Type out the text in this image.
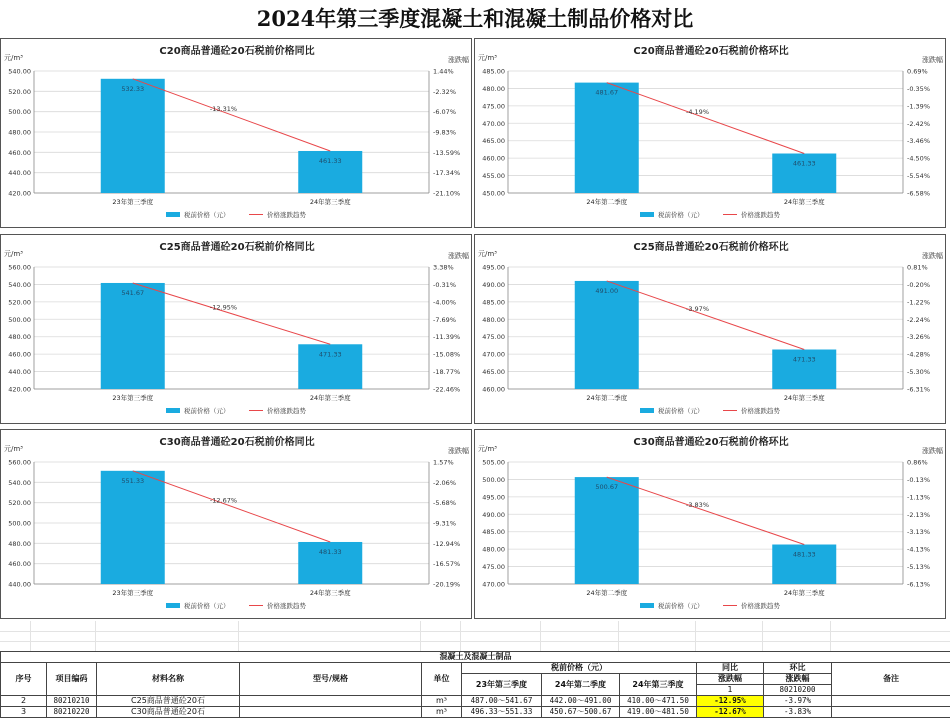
2024年第三季度混凝土和混凝土制品价格对比
C20商品普通砼20石税前价格同比
元/m³	涨跌幅
540.00
520.00
500.00
480.00
460.00
440.00
420.00
1.44%
-2.32%
-6.07%
-9.83%
-13.59%
-17.34%
-21.10%
532.33
23年第三季度
461.33
24年第三季度
-13.31%
税前价格（元）	价格涨跌趋势
C20商品普通砼20石税前价格环比
元/m³	涨跌幅
485.00
480.00
475.00
470.00
465.00
460.00
455.00
450.00
0.69%
-0.35%
-1.39%
-2.42%
-3.46%
-4.50%
-5.54%
-6.58%
481.67
24年第二季度
461.33
24年第三季度
-4.19%
税前价格（元）	价格涨跌趋势
C25商品普通砼20石税前价格同比
元/m³	涨跌幅
560.00
540.00
520.00
500.00
480.00
460.00
440.00
420.00
3.38%
-0.31%
-4.00%
-7.69%
-11.39%
-15.08%
-18.77%
-22.46%
541.67
23年第三季度
471.33
24年第三季度
-12.95%
税前价格（元）	价格涨跌趋势
C25商品普通砼20石税前价格环比
元/m³	涨跌幅
495.00
490.00
485.00
480.00
475.00
470.00
465.00
460.00
0.81%
-0.20%
-1.22%
-2.24%
-3.26%
-4.28%
-5.30%
-6.31%
491.00
24年第二季度
471.33
24年第三季度
-3.97%
税前价格（元）	价格涨跌趋势
C30商品普通砼20石税前价格同比
元/m³	涨跌幅
560.00
540.00
520.00
500.00
480.00
460.00
440.00
1.57%
-2.06%
-5.68%
-9.31%
-12.94%
-16.57%
-20.19%
551.33
23年第三季度
481.33
24年第三季度
-12.67%
税前价格（元）	价格涨跌趋势
C30商品普通砼20石税前价格环比
元/m³	涨跌幅
505.00
500.00
495.00
490.00
485.00
480.00
475.00
470.00
0.86%
-0.13%
-1.13%
-2.13%
-3.13%
-4.13%
-5.13%
-6.13%
500.67
24年第二季度
481.33
24年第三季度
-3.83%
税前价格（元）	价格涨跌趋势
混凝土及混凝土制品											
序号	项目编码	材料名称	型号/规格	单位	税前价格（元）			同比	环比	备注	
					23年第三季度	24年第二季度	24年第三季度	涨跌幅	涨跌幅		
								1	80210200									
2	80210210	C25商品普通砼20石		m³	487.00～541.67	442.00～491.00	410.00～471.50	-12.95%	-3.97%		
3	80210220	C30商品普通砼20石		m³	496.33～551.33	450.67～500.67	419.00～481.50	-12.67%	-3.83%		
